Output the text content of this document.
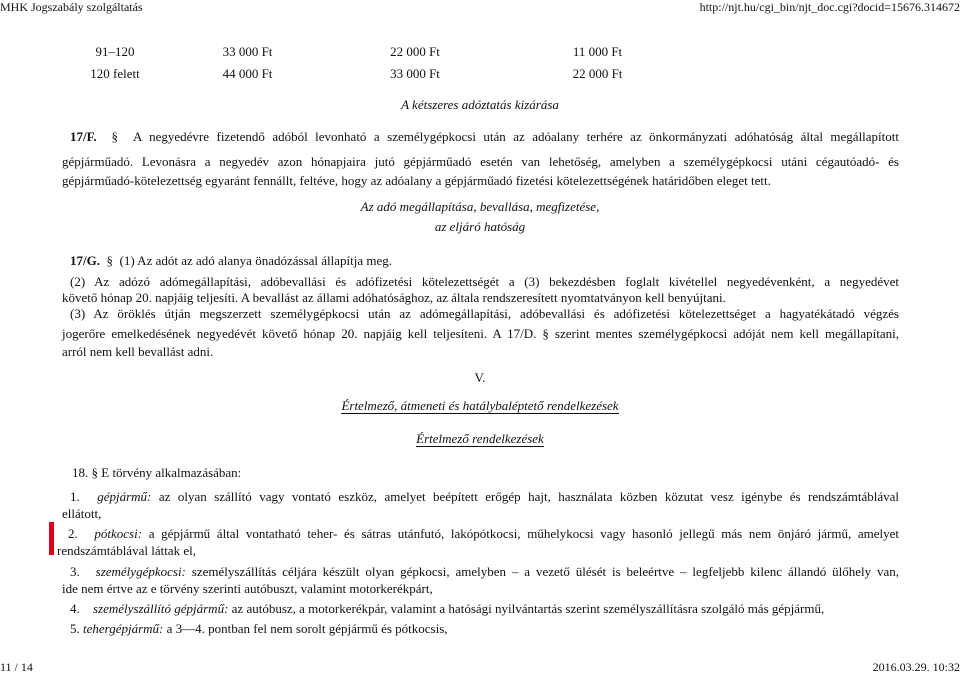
MHK Jogszabály szolgáltatás	http://njt.hu/cgi_bin/njt_doc.cgi?docid=15676.314672
91–120	33 000 Ft	22 000 Ft	11 000 Ft
120 felett	44 000 Ft	33 000 Ft	22 000 Ft
A kétszeres adóztatás kizárása
17/F.  §  A negyedévre fizetendő adóból levonható a személygépkocsi után az adóalany terhére az önkormányzati adóhatóság által megállapított
gépjárműadó. Levonásra a negyedév azon hónapjaira jutó gépjárműadó esetén van lehetőség, amelyben a személygépkocsi utáni cégautóadó- és
gépjárműadó-kötelezettség egyaránt fennállt, feltéve, hogy az adóalany a gépjárműadó fizetési kötelezettségének határidőben eleget tett.
Az adó megállapítása, bevallása, megfizetése,
az eljáró hatóság
17/G.  §  (1) Az adót az adó alanya önadózással állapítja meg.
(2) Az adózó adómegállapítási, adóbevallási és adófizetési kötelezettségét a (3) bekezdésben foglalt kivétellel negyedévenként, a negyedévet
követő hónap 20. napjáig teljesíti. A bevallást az állami adóhatósághoz, az általa rendszeresített nyomtatványon kell benyújtani.
(3) Az öröklés útján megszerzett személygépkocsi után az adómegállapítási, adóbevallási és adófizetési kötelezettséget a hagyatékátadó végzés
jogerőre emelkedésének negyedévét követő hónap 20. napjáig kell teljesíteni. A 17/D. § szerint mentes személygépkocsi adóját nem kell megállapítani,
arról nem kell bevallást adni.
V.
Értelmező, átmeneti és hatálybaléptető rendelkezések
Értelmező rendelkezések
18. § E törvény alkalmazásában:
1. gépjármű: az olyan szállító vagy vontató eszköz, amelyet beépített erőgép hajt, használata közben közutat vesz igénybe és rendszámtáblával
ellátott,
2. pótkocsi: a gépjármű által vontatható teher- és sátras utánfutó, lakópótkocsi, műhelykocsi vagy hasonló jellegű más nem önjáró jármű, amelyet
rendszámtáblával láttak el,
3. személygépkocsi: személyszállítás céljára készült olyan gépkocsi, amelyben – a vezető ülését is beleértve – legfeljebb kilenc állandó ülőhely van,
ide nem értve az e törvény szerinti autóbuszt, valamint motorkerékpárt,
4. személyszállító gépjármű: az autóbusz, a motorkerékpár, valamint a hatósági nyilvántartás szerint személyszállításra szolgáló más gépjármű,
5. tehergépjármű: a 3—4. pontban fel nem sorolt gépjármű és pótkocsis,
11 / 14	2016.03.29. 10:32
